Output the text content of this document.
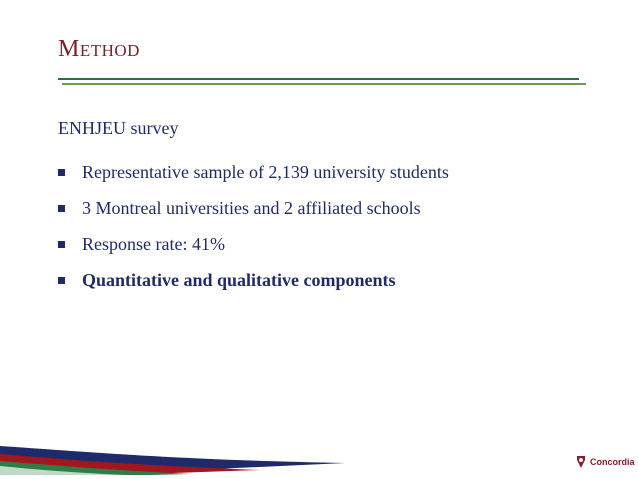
Method
ENHJEU survey
Representative sample of 2,139 university students
3 Montreal universities and 2 affiliated schools
Response rate: 41%
Quantitative and qualitative components
Concordia
